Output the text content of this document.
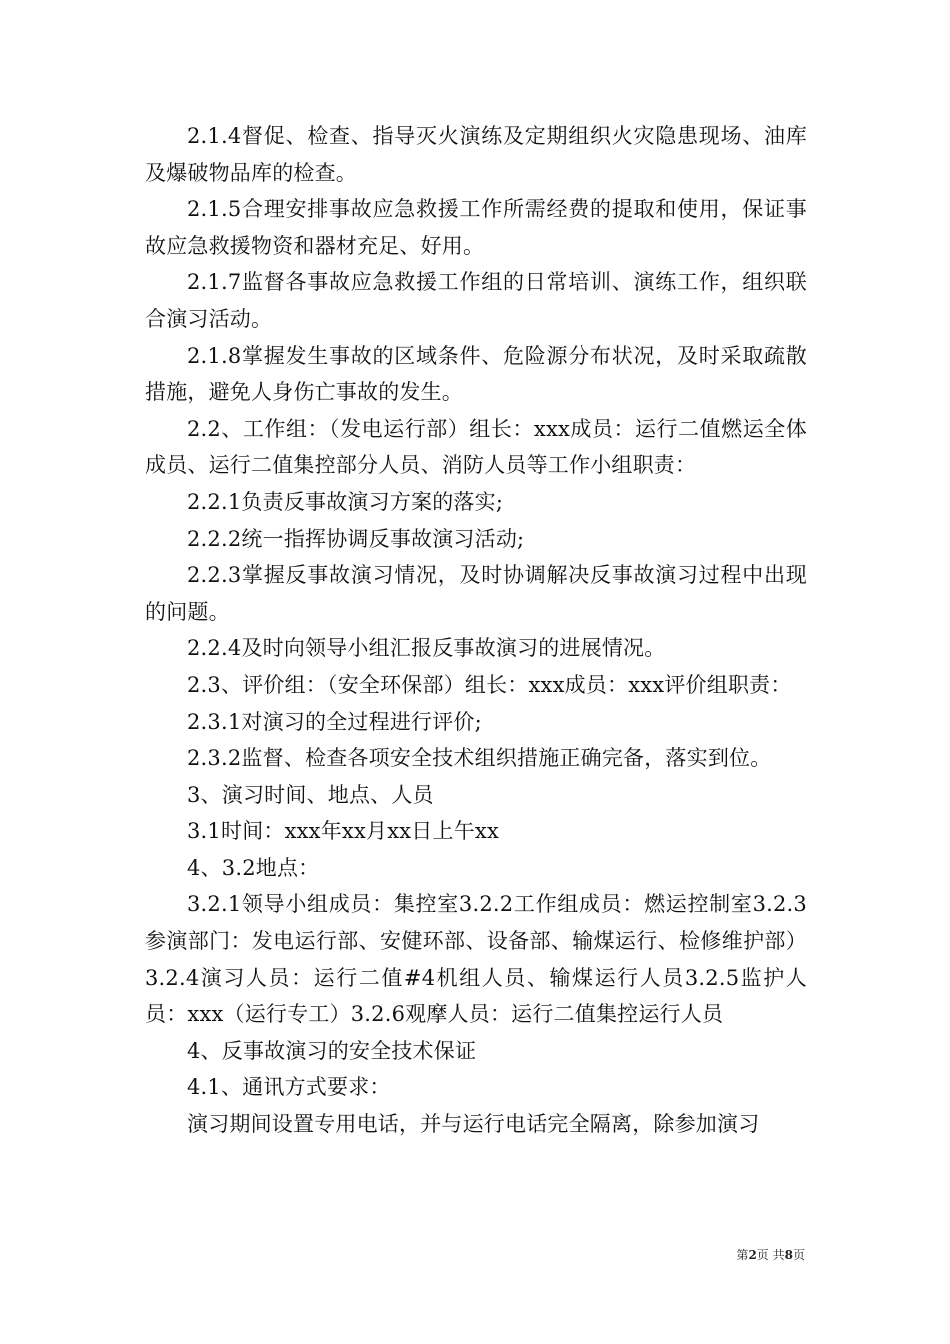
2.1.4督促、检查、指导灭火演练及定期组织火灾隐患现场、油库及爆破物品库的检查。

2.1.5合理安排事故应急救援工作所需经费的提取和使用，保证事故应急救援物资和器材充足、好用。

2.1.7监督各事故应急救援工作组的日常培训、演练工作，组织联合演习活动。

2.1.8掌握发生事故的区域条件、危险源分布状况，及时采取疏散措施，避免人身伤亡事故的发生。

2.2、工作组：（发电运行部）组长：xxx成员：运行二值燃运全体成员、运行二值集控部分人员、消防人员等工作小组职责：

2.2.1负责反事故演习方案的落实;

2.2.2统一指挥协调反事故演习活动;

2.2.3掌握反事故演习情况，及时协调解决反事故演习过程中出现的问题。

2.2.4及时向领导小组汇报反事故演习的进展情况。

2.3、评价组：（安全环保部）组长：xxx成员：xxx评价组职责：

2.3.1对演习的全过程进行评价;

2.3.2监督、检查各项安全技术组织措施正确完备，落实到位。

3、演习时间、地点、人员

3.1时间：xxx年xx月xx日上午xx

4、3.2地点：

3.2.1领导小组成员：集控室3.2.2工作组成员：燃运控制室3.2.3参演部门：发电运行部、安健环部、设备部、输煤运行、检修维护部）3.2.4演习人员：运行二值#4机组人员、输煤运行人员3.2.5监护人员：xxx（运行专工）3.2.6观摩人员：运行二值集控运行人员

4、反事故演习的安全技术保证

4.1、通讯方式要求：

演习期间设置专用电话，并与运行电话完全隔离，除参加演习

第2页 共8页
